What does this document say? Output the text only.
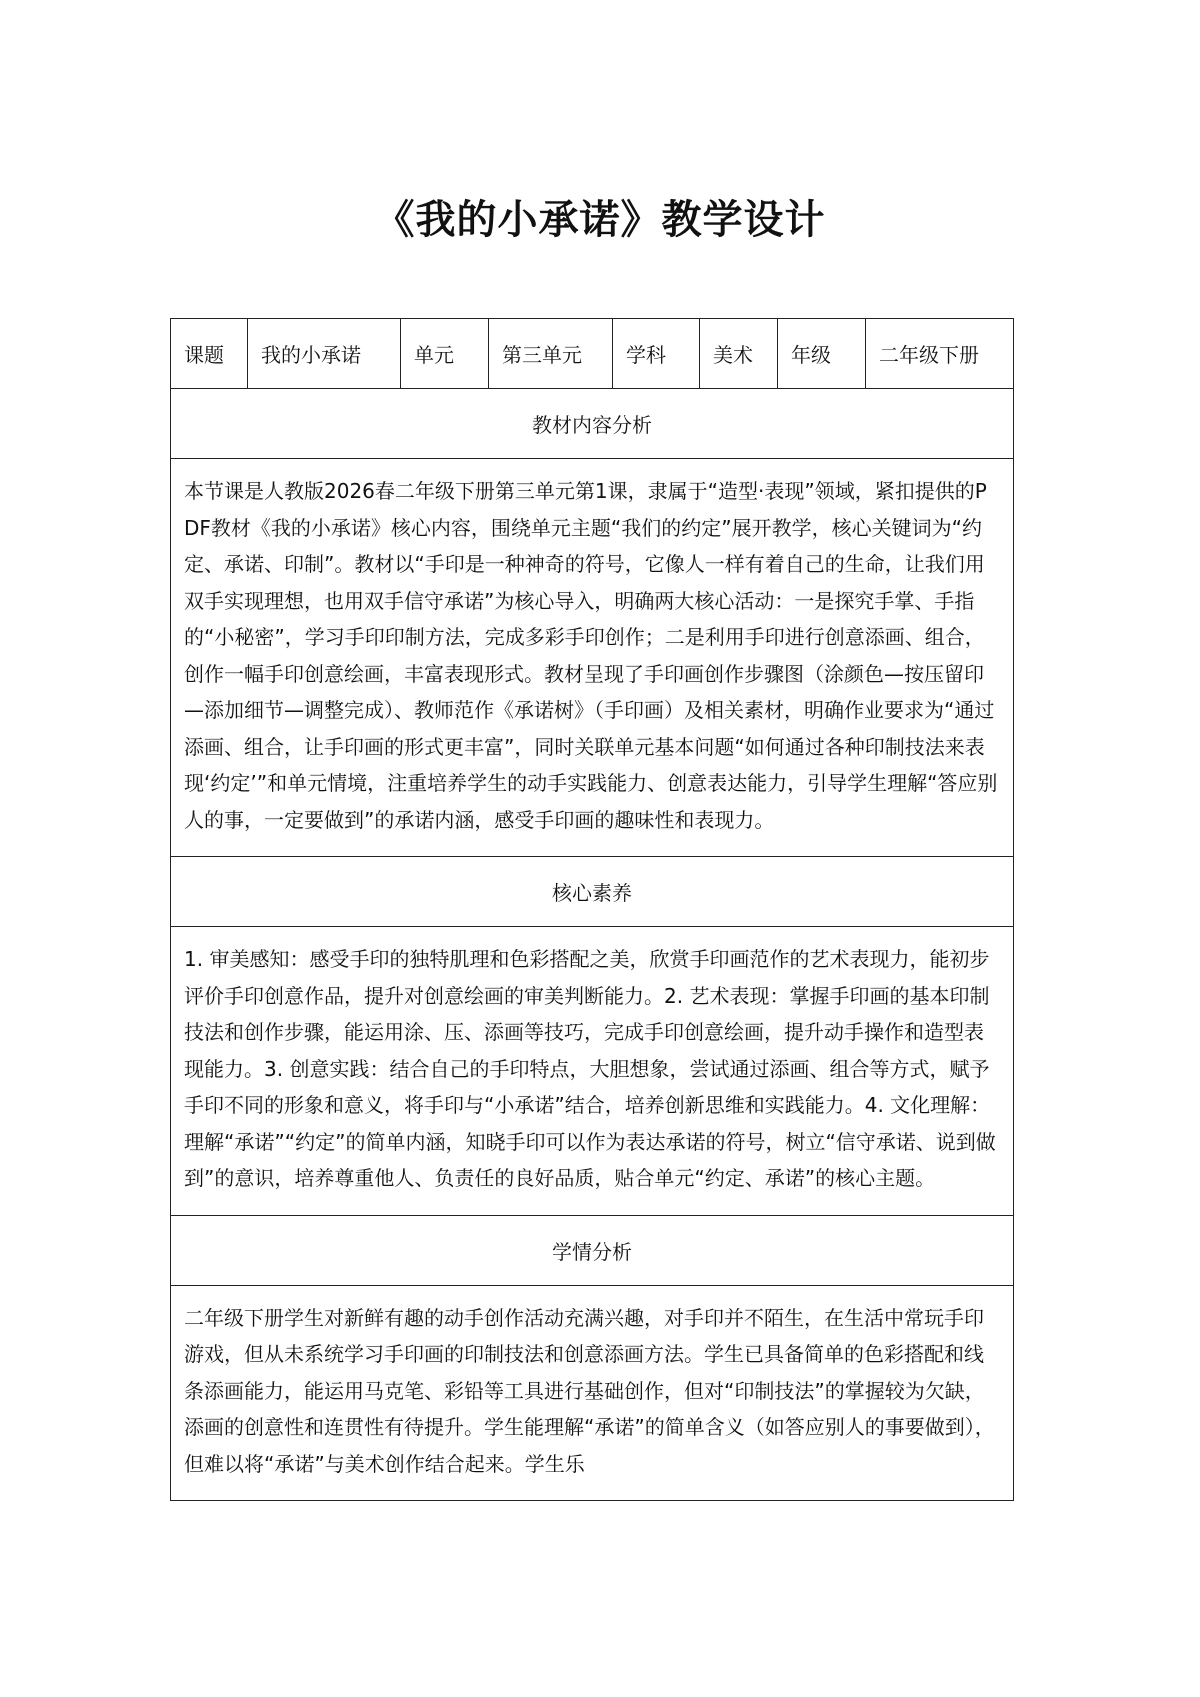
《我的小承诺》教学设计
课题	我的小承诺	单元	第三单元	学科	美术	年级	二年级下册
教材内容分析
本节课是人教版2026春二年级下册第三单元第1课，隶属于“造型·表现”领域，紧扣提供的PDF教材《我的小承诺》核心内容，围绕单元主题“我们的约定”展开教学，核心关键词为“约定、承诺、印制”。教材以“手印是一种神奇的符号，它像人一样有着自己的生命，让我们用双手实现理想，也用双手信守承诺”为核心导入，明确两大核心活动：一是探究手掌、手指的“小秘密”，学习手印印制方法，完成多彩手印创作；二是利用手印进行创意添画、组合，创作一幅手印创意绘画，丰富表现形式。教材呈现了手印画创作步骤图（涂颜色—按压留印—添加细节—调整完成）、教师范作《承诺树》（手印画）及相关素材，明确作业要求为“通过添画、组合，让手印画的形式更丰富”，同时关联单元基本问题“如何通过各种印制技法来表现‘约定’”和单元情境，注重培养学生的动手实践能力、创意表达能力，引导学生理解“答应别人的事，一定要做到”的承诺内涵，感受手印画的趣味性和表现力。
核心素养
1. 审美感知：感受手印的独特肌理和色彩搭配之美，欣赏手印画范作的艺术表现力，能初步评价手印创意作品，提升对创意绘画的审美判断能力。2. 艺术表现：掌握手印画的基本印制技法和创作步骤，能运用涂、压、添画等技巧，完成手印创意绘画，提升动手操作和造型表现能力。3. 创意实践：结合自己的手印特点，大胆想象，尝试通过添画、组合等方式，赋予手印不同的形象和意义，将手印与“小承诺”结合，培养创新思维和实践能力。4. 文化理解：理解“承诺”“约定”的简单内涵，知晓手印可以作为表达承诺的符号，树立“信守承诺、说到做到”的意识，培养尊重他人、负责任的良好品质，贴合单元“约定、承诺”的核心主题。
学情分析
二年级下册学生对新鲜有趣的动手创作活动充满兴趣，对手印并不陌生，在生活中常玩手印游戏，但从未系统学习手印画的印制技法和创意添画方法。学生已具备简单的色彩搭配和线条添画能力，能运用马克笔、彩铅等工具进行基础创作，但对“印制技法”的掌握较为欠缺，添画的创意性和连贯性有待提升。学生能理解“承诺”的简单含义（如答应别人的事要做到），但难以将“承诺”与美术创作结合起来。学生乐
